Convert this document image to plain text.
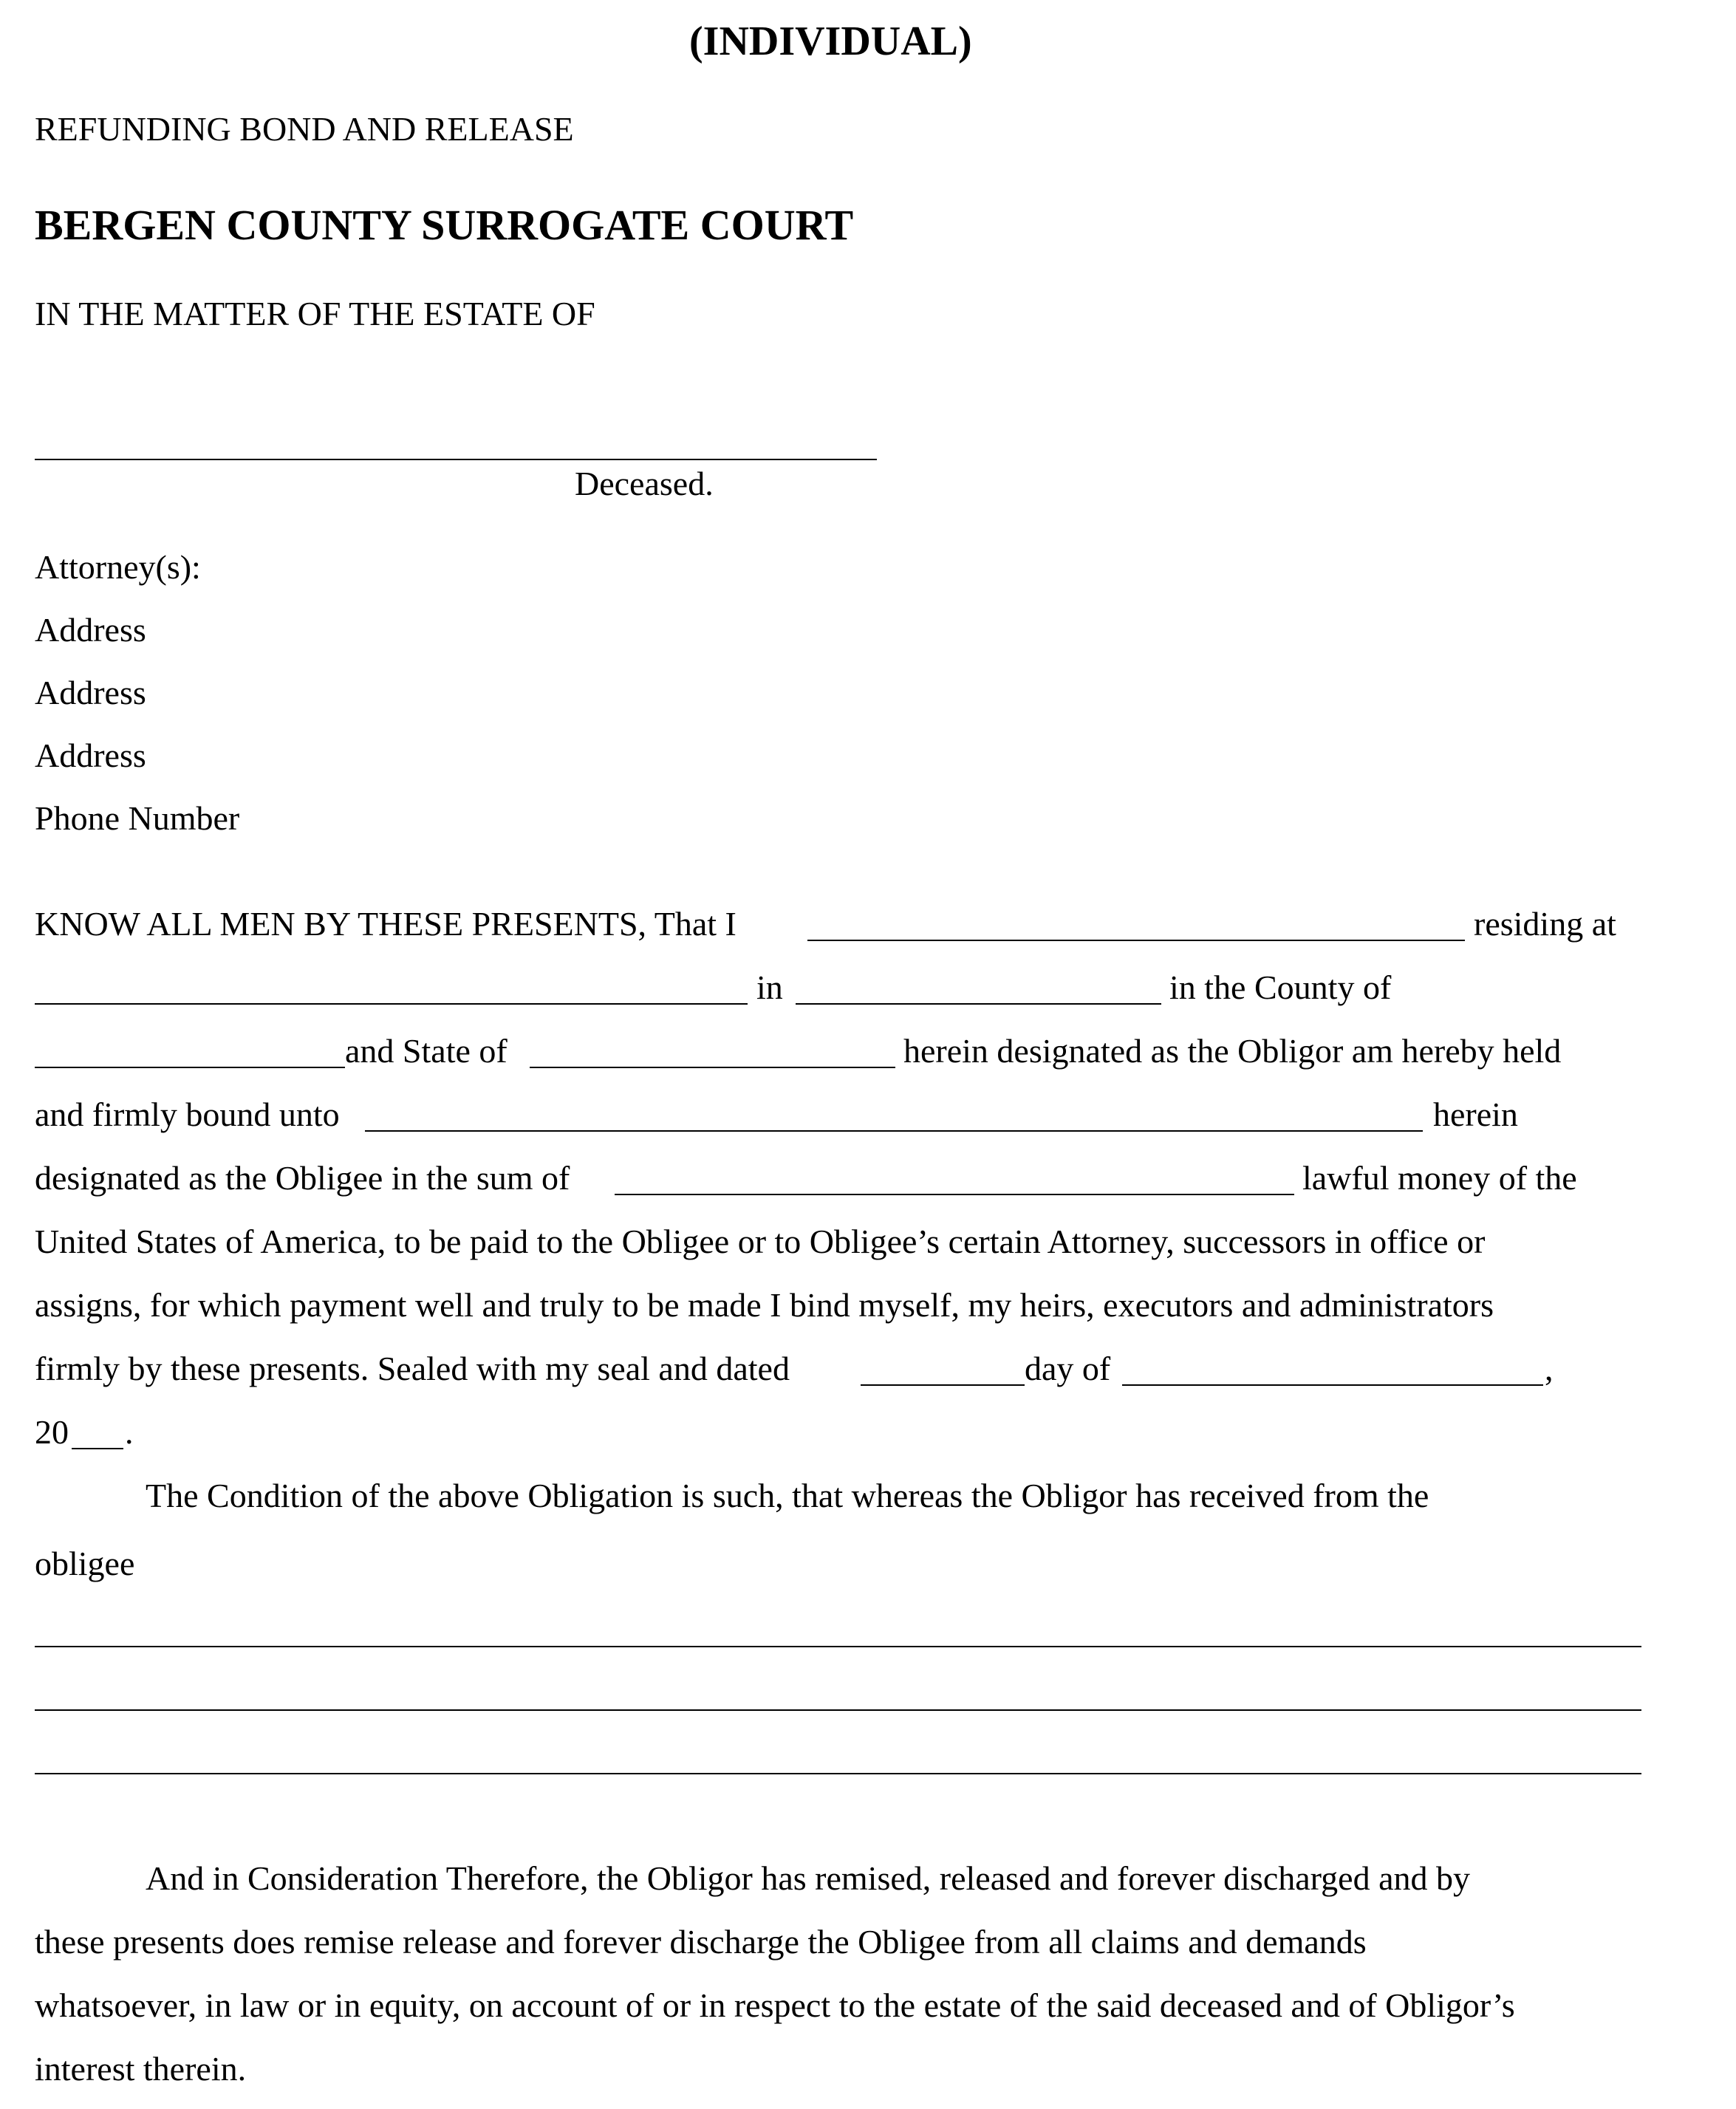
(INDIVIDUAL)
REFUNDING BOND AND RELEASE
BERGEN COUNTY SURROGATE COURT
IN THE MATTER OF THE ESTATE OF
Deceased.
Attorney(s):
Address
Address
Address
Phone Number
KNOW ALL MEN BY THESE PRESENTS, That I	residing at
in	in the County of
and State of	herein designated as the Obligor am hereby held
and firmly bound unto	herein
designated as the Obligee in the sum of	lawful money of the
United States of America, to be paid to the Obligee or to Obligee’s certain Attorney, successors in office or
assigns, for which payment well and truly to be made I bind myself, my heirs, executors and administrators
firmly by these presents. Sealed with my seal and dated	day of	,
20 .
The Condition of the above Obligation is such, that whereas the Obligor has received from the
obligee
And in Consideration Therefore, the Obligor has remised, released and forever discharged and by
these presents does remise release and forever discharge the Obligee from all claims and demands
whatsoever, in law or in equity, on account of or in respect to the estate of the said deceased and of Obligor’s
interest therein.
